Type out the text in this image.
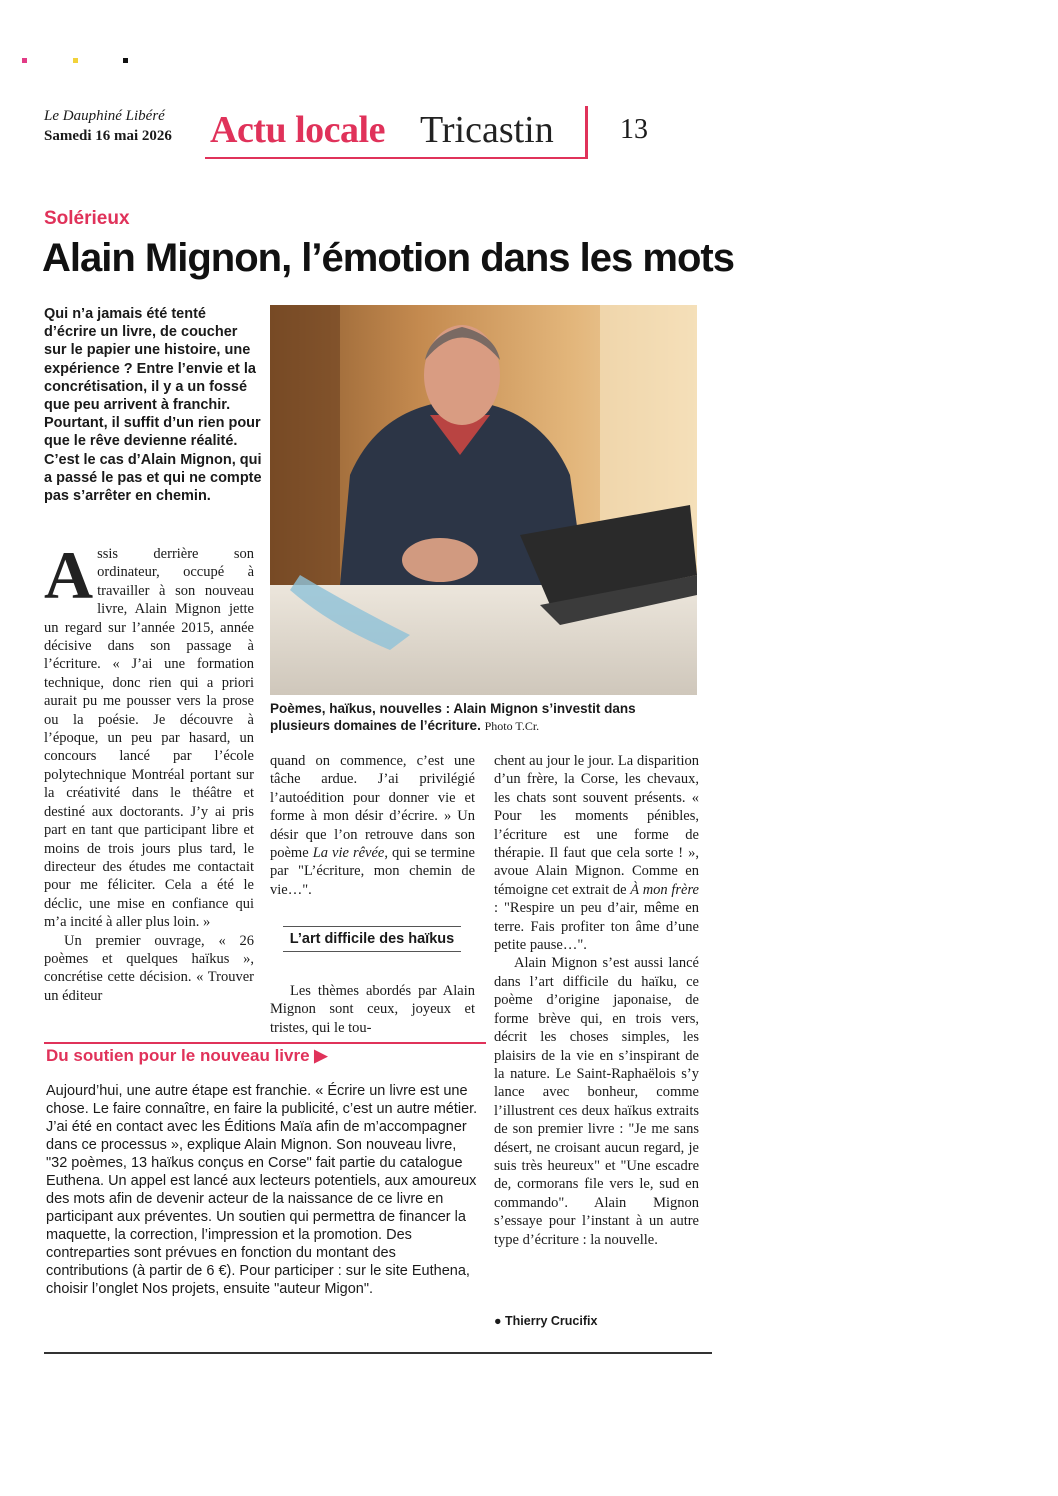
Le Dauphiné Libéré
Samedi 16 mai 2026 Actu locale Tricastin 13
Solérieux
Alain Mignon, l’émotion dans les mots
Qui n’a jamais été tenté d’écrire un livre, de coucher sur le papier une histoire, une expérience ? Entre l’envie et la concrétisation, il y a un fossé que peu arrivent à franchir. Pourtant, il suffit d’un rien pour que le rêve devienne réalité. C’est le cas d’Alain Mignon, qui a passé le pas et qui ne compte pas s’arrêter en chemin.
Poèmes, haïkus, nouvelles : Alain Mignon s’investit dans plusieurs domaines de l’écriture. Photo T.Cr.

Assis derrière son ordinateur, occupé à travailler à son nouveau livre, Alain Mignon jette un regard sur l’année 2015, année décisive dans son passage à l’écriture. « J’ai une formation technique, donc rien qui a priori aurait pu me pousser vers la prose ou la poésie. Je découvre à l’époque, un peu par hasard, un concours lancé par l’école polytechnique Montréal portant sur la créativité dans le théâtre et destiné aux doctorants. J’y ai pris part en tant que participant libre et moins de trois jours plus tard, le directeur des études me contactait pour me féliciter. Cela a été le déclic, une mise en confiance qui m’a incité à aller plus loin. »

Un premier ouvrage, « 26 poèmes et quelques haïkus », concrétise cette décision. « Trouver un éditeur

quand on commence, c’est une tâche ardue. J’ai privilégié l’autoédition pour donner vie et forme à mon désir d’écrire. » Un désir que l’on retrouve dans son poème La vie rêvée, qui se termine par "L’écriture, mon chemin de vie…".

L’art difficile des haïkus

Les thèmes abordés par Alain Mignon sont ceux, joyeux et tristes, qui le tou-

chent au jour le jour. La disparition d’un frère, la Corse, les chevaux, les chats sont souvent présents. « Pour les moments pénibles, l’écriture est une forme de thérapie. Il faut que cela sorte ! », avoue Alain Mignon. Comme en témoigne cet extrait de À mon frère : "Respire un peu d’air, même en terre. Fais profiter ton âme d’une petite pause…".

Alain Mignon s’est aussi lancé dans l’art difficile du haïku, ce poème d’origine japonaise, de forme brève qui, en trois vers, décrit les choses simples, les plaisirs de la vie en s’inspirant de la nature. Le Saint-Raphaëlois s’y lance avec bonheur, comme l’illustrent ces deux haïkus extraits de son premier livre : "Je me sans désert, ne croisant aucun regard, je suis très heureux" et "Une escadre de, cormorans file vers le, sud en commando". Alain Mignon s’essaye pour l’instant à un autre type d’écriture : la nouvelle.

● Thierry Crucifix
Du soutien pour le nouveau livre ▶
Aujourd’hui, une autre étape est franchie. « Écrire un livre est une chose. Le faire connaître, en faire la publicité, c’est un autre métier. J’ai été en contact avec les Éditions Maïa afin de m’accompagner dans ce processus », explique Alain Mignon. Son nouveau livre, "32 poèmes, 13 haïkus conçus en Corse" fait partie du catalogue Euthena. Un appel est lancé aux lecteurs potentiels, aux amoureux des mots afin de devenir acteur de la naissance de ce livre en participant aux préventes. Un soutien qui permettra de financer la maquette, la correction, l’impression et la promotion. Des contreparties sont prévues en fonction du montant des contributions (à partir de 6 €). Pour participer : sur le site Euthena, choisir l’onglet Nos projets, ensuite "auteur Migon".
